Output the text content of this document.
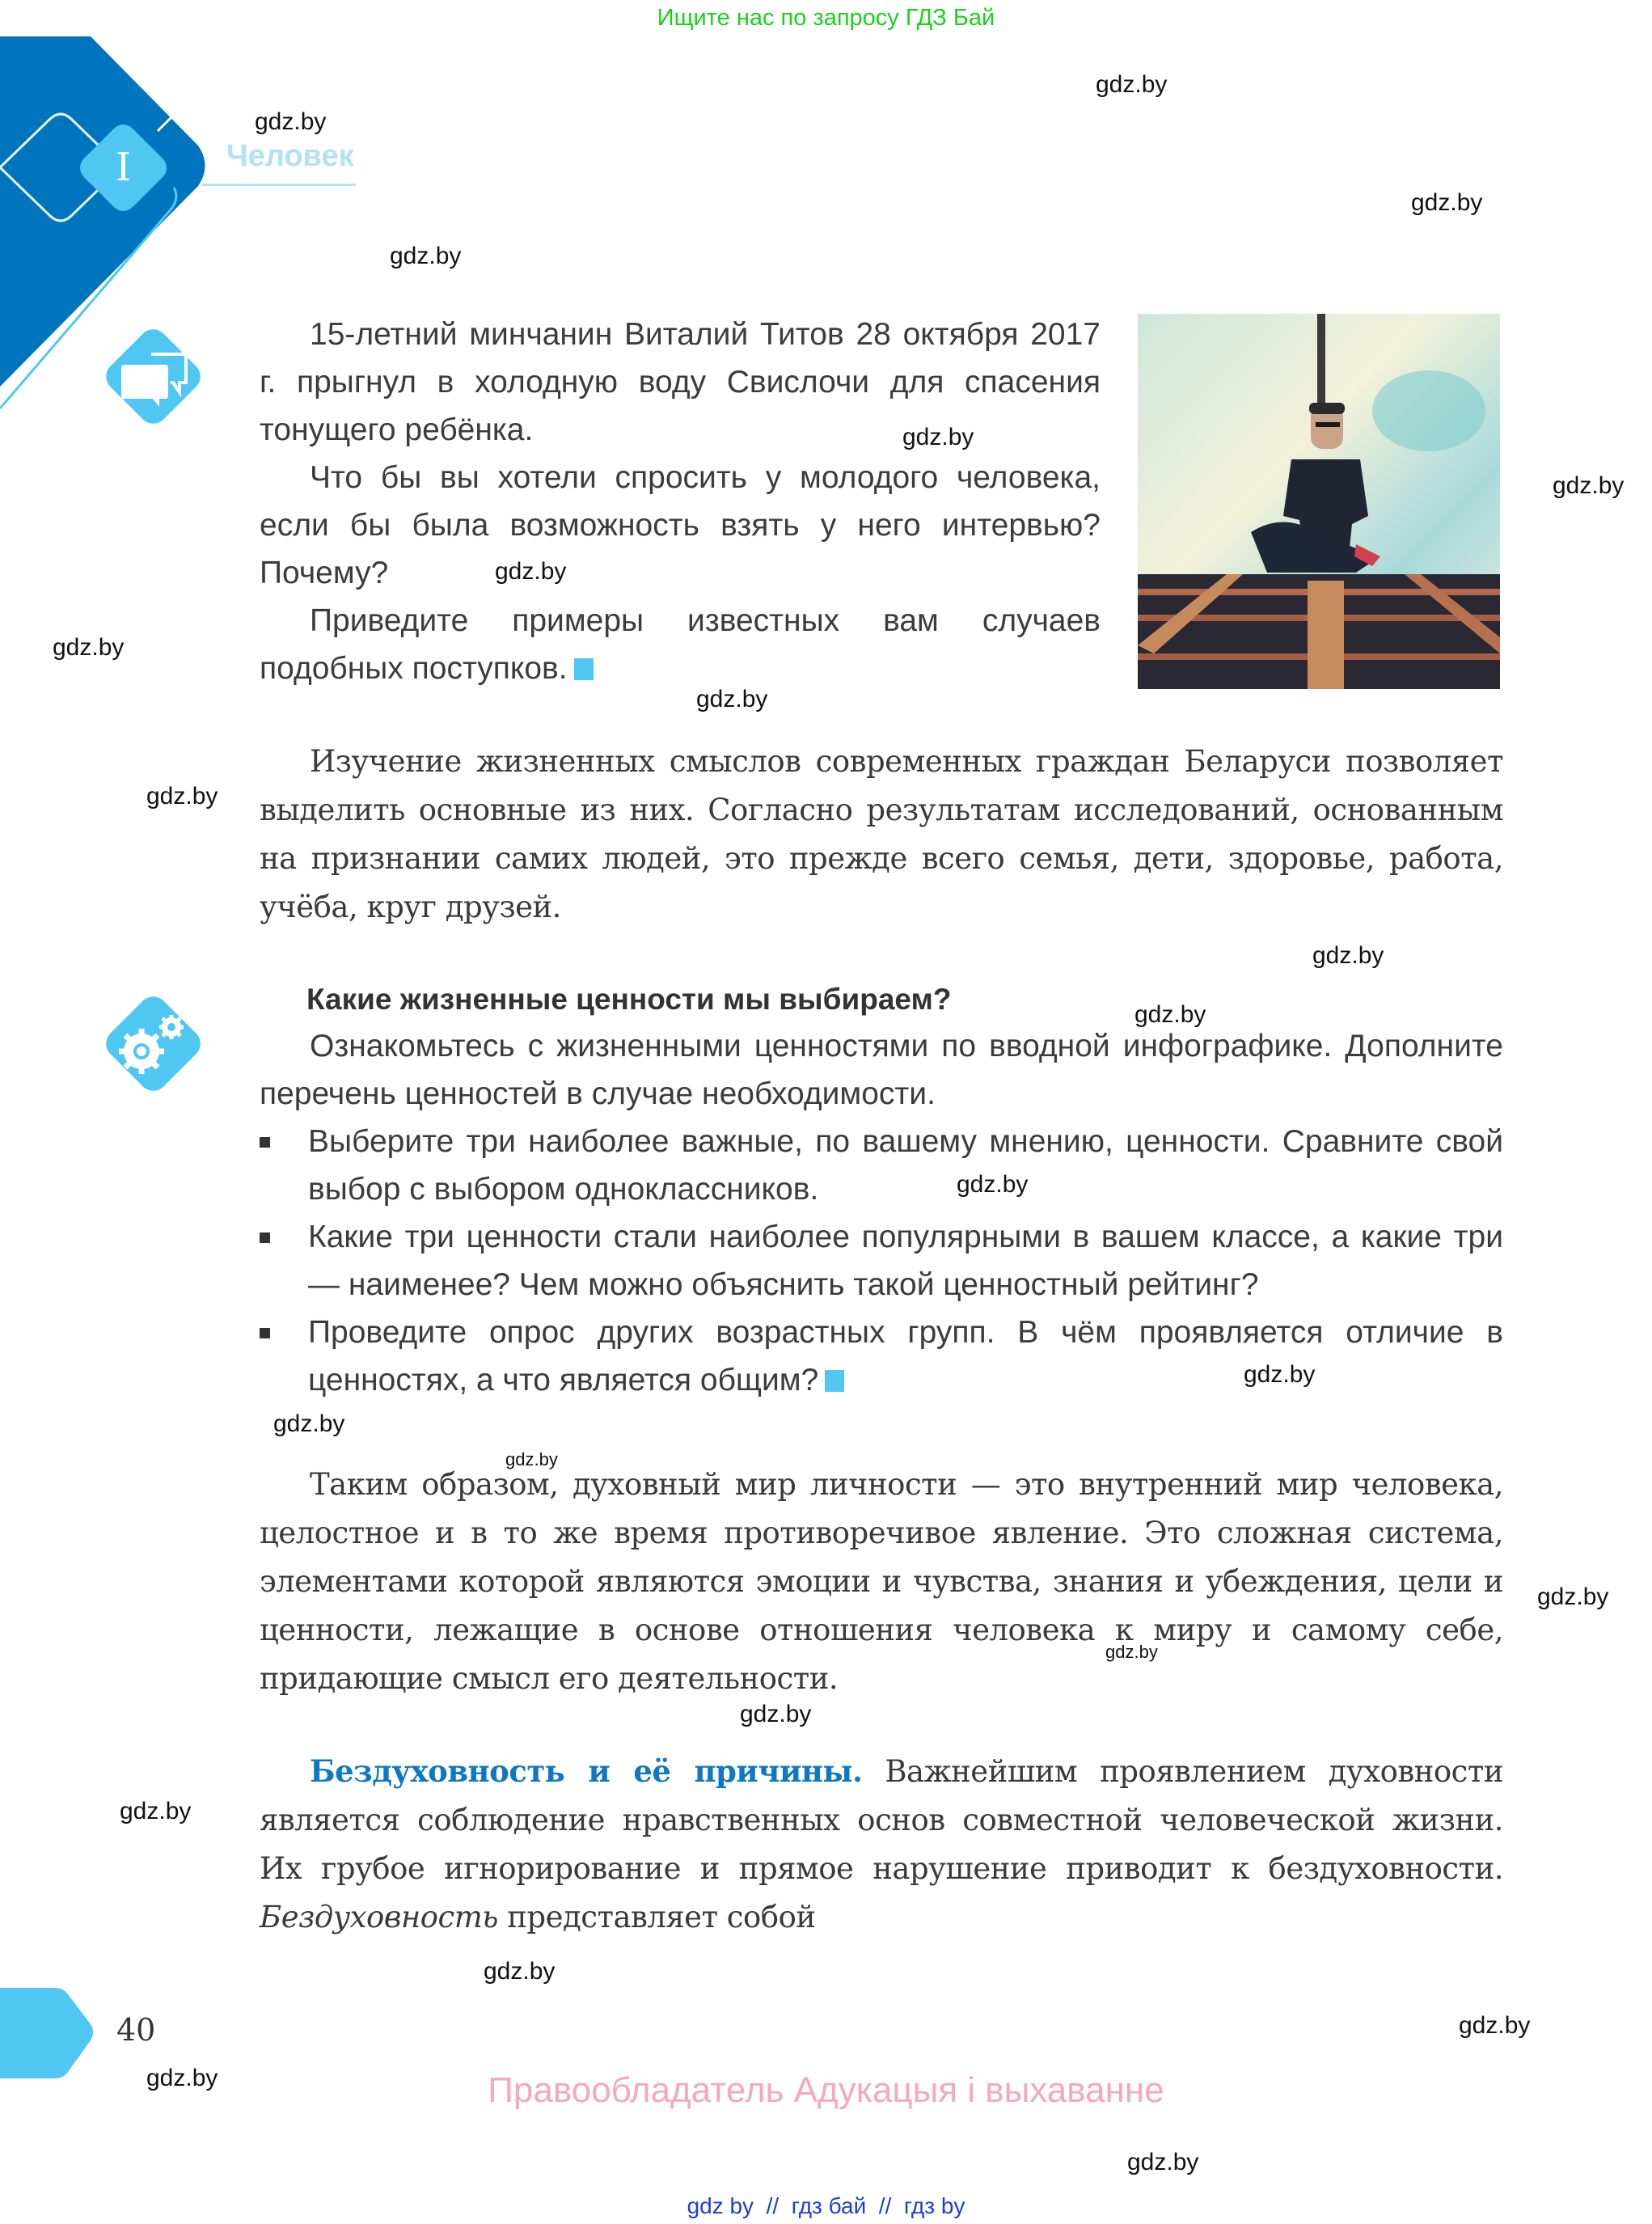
Ищите нас по запросу ГДЗ Бай
I	Человек

15-летний минчанин Виталий Титов 28 октября 2017 г. прыгнул в холодную воду Свислочи для спасения тонущего ребёнка.

Что бы вы хотели спросить у молодого человека, если бы была возможность взять у него интервью? Почему?

Приведите примеры известных вам случаев подобных поступков.

Изучение жизненных смыслов современных граждан Беларуси позволяет выделить основные из них. Согласно результатам исследований, основанным на признании самих людей, это прежде всего семья, дети, здоровье, работа, учёба, круг друзей.

Какие жизненные ценности мы выбираем?

Ознакомьтесь с жизненными ценностями по вводной инфографике. Дополните перечень ценностей в случае необходимости.

Выберите три наиболее важные, по вашему мнению, ценности. Сравните свой выбор с выбором одноклассников.
Какие три ценности стали наиболее популярными в вашем классе, а какие три — наименее? Чем можно объяснить такой ценностный рейтинг?
Проведите опрос других возрастных групп. В чём проявляется отличие в ценностях, а что является общим?

Таким образом, духовный мир личности — это внутренний мир человека, целостное и в то же время противоречивое явление. Это сложная система, элементами которой являются эмоции и чувства, знания и убеждения, цели и ценности, лежащие в основе отношения человека к миру и самому себе, придающие смысл его деятельности.

Бездуховность и её причины. Важнейшим проявлением духовности является соблюдение нравственных основ совместной человеческой жизни. Их грубое игнорирование и прямое нарушение приводит к бездуховности. Бездуховность представляет собой

40
Правообладатель Адукацыя і выхаванне
gdz by  //  гдз бай  //  гдз by
gdz.by
gdz.by
gdz.by
gdz.by
gdz.by
gdz.by
gdz.by
gdz.by
gdz.by
gdz.by
gdz.by
gdz.by
gdz.by
gdz.by
gdz.by
gdz.by
gdz.by
gdz.by
gdz.by
gdz.by
gdz.by
gdz.by
gdz.by
gdz.by
